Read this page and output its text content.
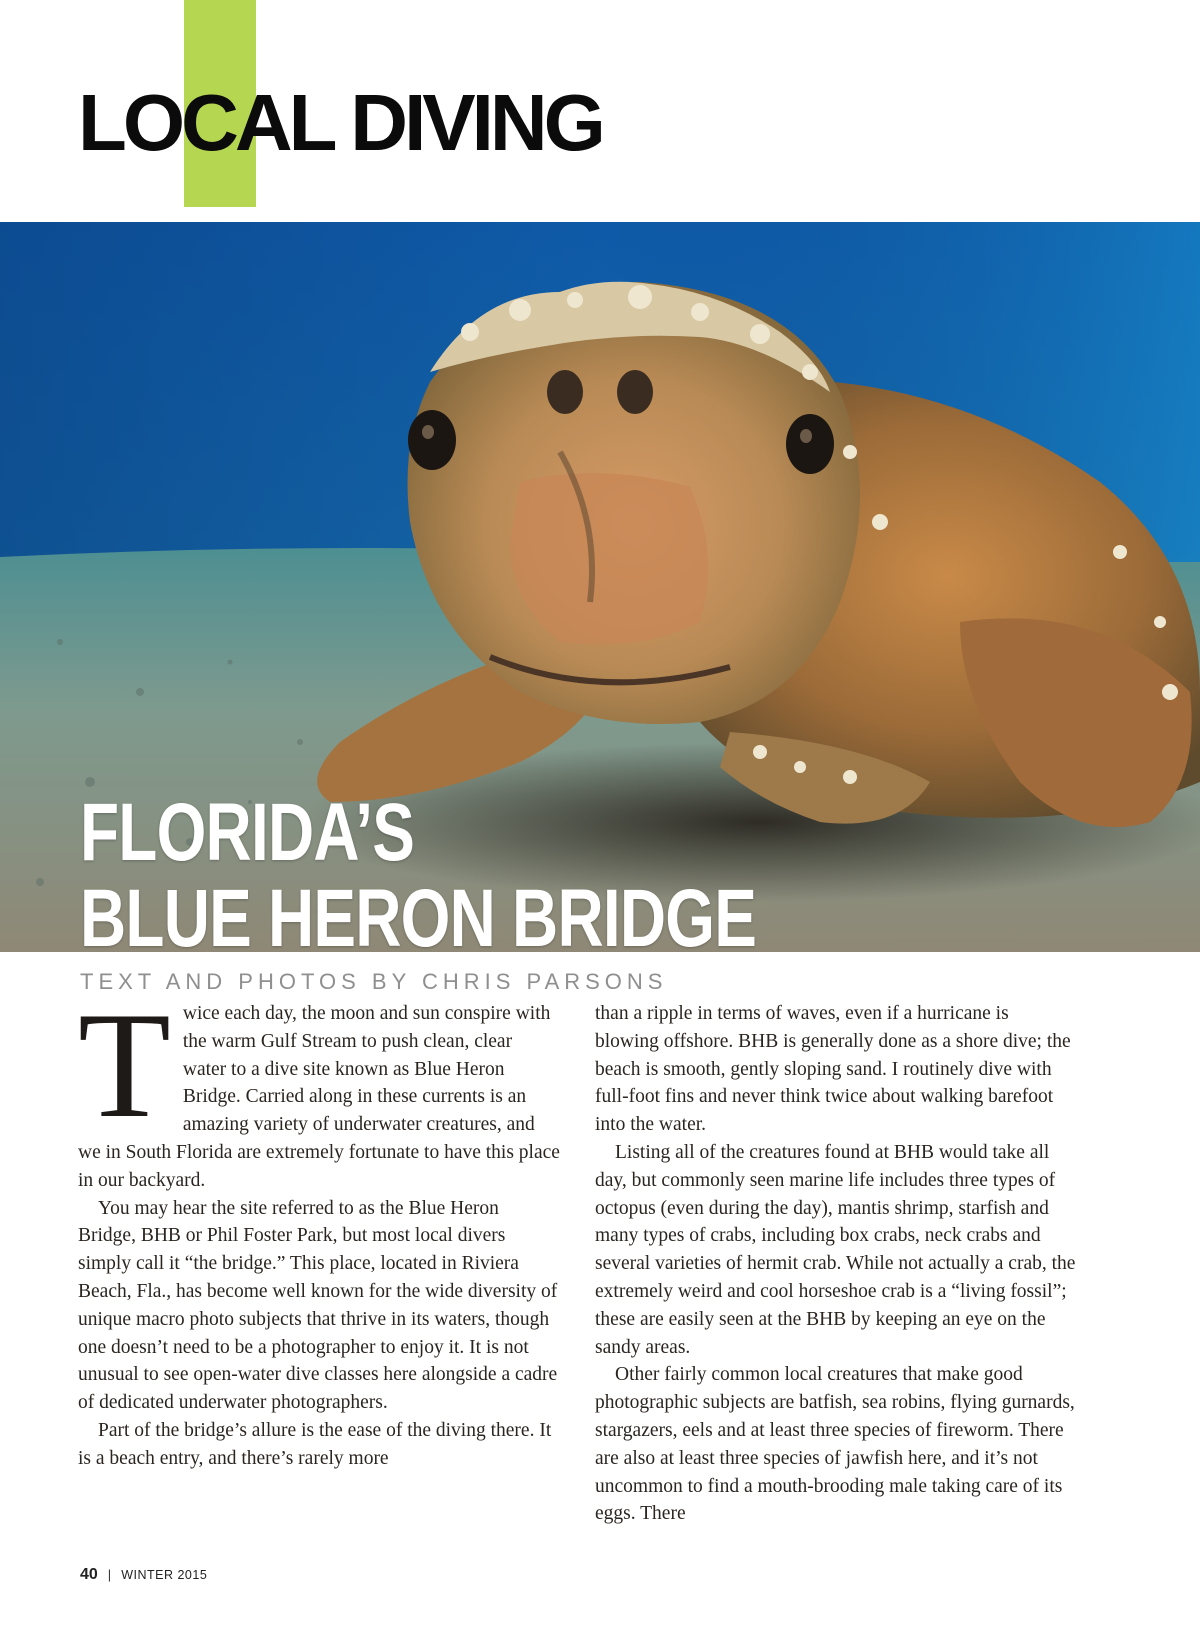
LOCAL DIVING
FLORIDA’S
BLUE HERON BRIDGE
TEXT AND PHOTOS BY CHRIS PARSONS

Twice each day, the moon and sun conspire with the warm Gulf Stream to push clean, clear water to a dive site known as Blue Heron Bridge. Carried along in these currents is an amazing variety of underwater creatures, and we in South Florida are extremely fortunate to have this place in our backyard.

You may hear the site referred to as the Blue Heron Bridge, BHB or Phil Foster Park, but most local divers simply call it “the bridge.” This place, located in Riviera Beach, Fla., has become well known for the wide diversity of unique macro photo subjects that thrive in its waters, though one doesn’t need to be a photographer to enjoy it. It is not unusual to see open-water dive classes here alongside a cadre of dedicated underwater photographers.

Part of the bridge’s allure is the ease of the diving there. It is a beach entry, and there’s rarely more

than a ripple in terms of waves, even if a hurricane is blowing offshore. BHB is generally done as a shore dive; the beach is smooth, gently sloping sand. I routinely dive with full-foot fins and never think twice about walking barefoot into the water.

Listing all of the creatures found at BHB would take all day, but commonly seen marine life includes three types of octopus (even during the day), mantis shrimp, starfish and many types of crabs, including box crabs, neck crabs and several varieties of hermit crab. While not actually a crab, the extremely weird and cool horseshoe crab is a “living fossil”; these are easily seen at the BHB by keeping an eye on the sandy areas.

Other fairly common local creatures that make good photographic subjects are batfish, sea robins, flying gurnards, stargazers, eels and at least three species of fireworm. There are also at least three species of jawfish here, and it’s not uncommon to find a mouth-brooding male taking care of its eggs. There

40 | WINTER 2015
